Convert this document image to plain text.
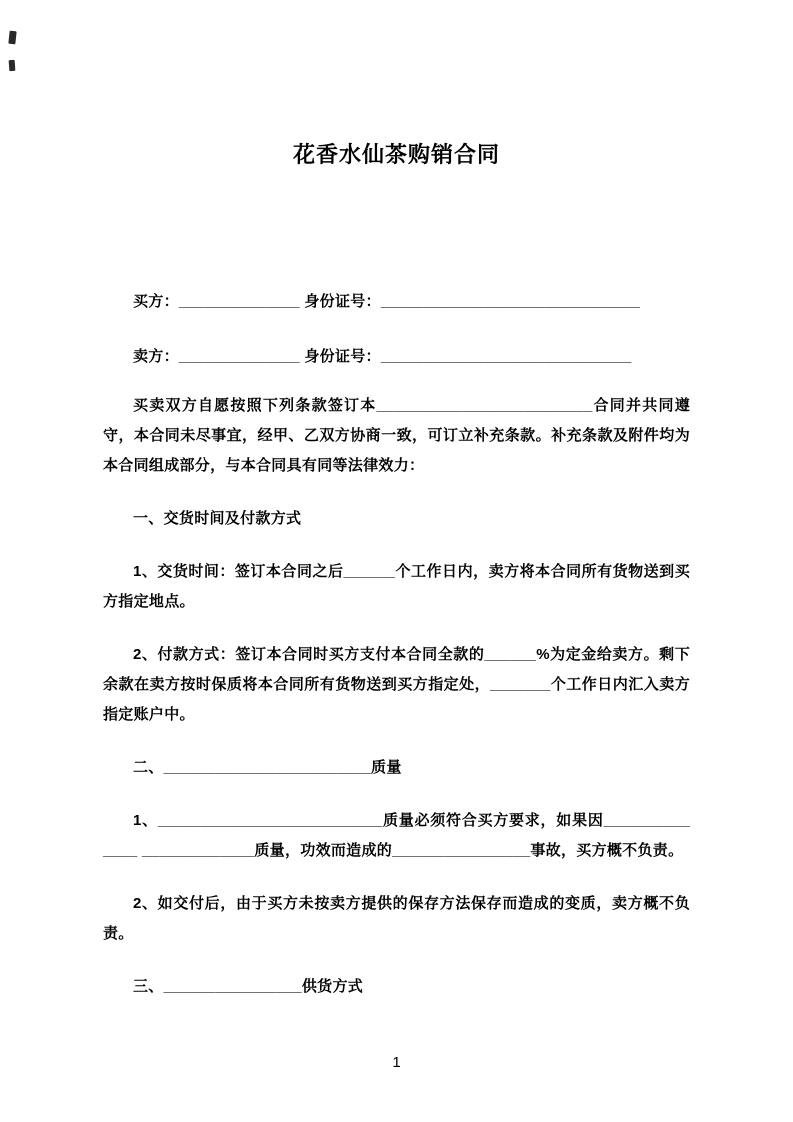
花香水仙茶购销合同

买方：______________ 身份证号：______________________________

卖方：______________ 身份证号：_____________________________

买卖双方自愿按照下列条款签订本_________________________合同并共同遵守，本合同未尽事宜，经甲、乙双方协商一致，可订立补充条款。补充条款及附件均为本合同组成部分，与本合同具有同等法律效力：

一、交货时间及付款方式

1、交货时间：签订本合同之后______个工作日内，卖方将本合同所有货物送到买方指定地点。

2、付款方式：签订本合同时买方支付本合同全款的______%为定金给卖方。剩下余款在卖方按时保质将本合同所有货物送到买方指定处，_______个工作日内汇入卖方指定账户中。

二、________________________质量

1、__________________________质量必须符合买方要求，如果因______________ _____________质量，功效而造成的________________事故，买方概不负责。

2、如交付后，由于买方未按卖方提供的保存方法保存而造成的变质，卖方概不负责。

三、________________供货方式

1
